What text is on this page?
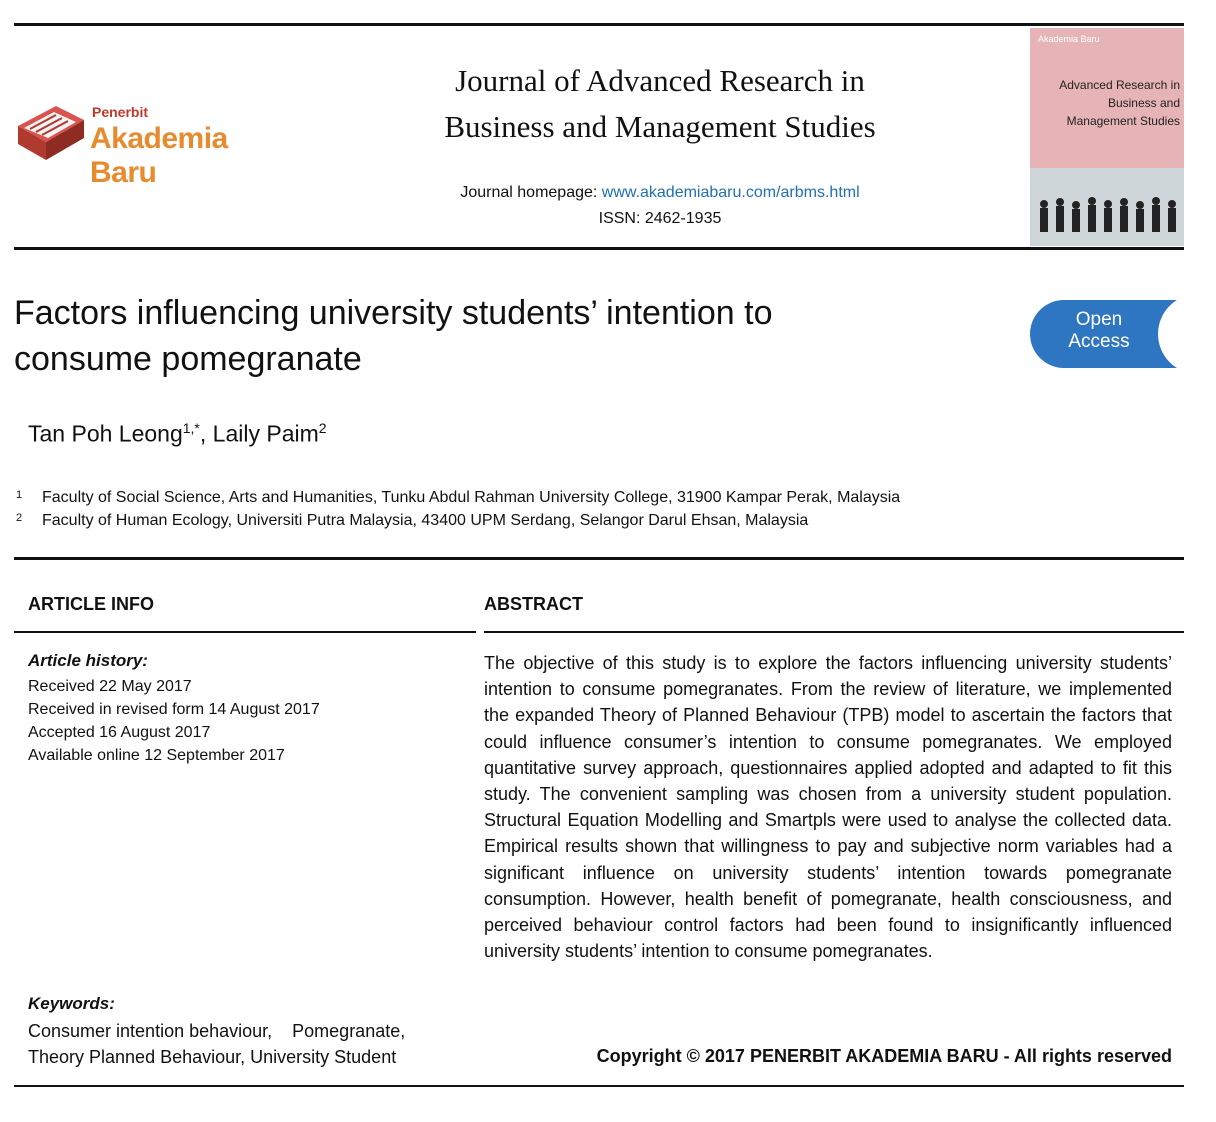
Penerbit
Akademia Baru
Journal of Advanced Research in
Business and Management Studies
Journal homepage: www.akademiabaru.com/arbms.html
ISSN: 2462-1935
Akademia Baru
Advanced Research in
Business and
Management Studies
Factors influencing university students’ intention to
consume pomegranate
Open
Access
Tan Poh Leong$^{1,*}$, Laily Paim$^2$
1 Faculty of Social Science, Arts and Humanities, Tunku Abdul Rahman University College, 31900 Kampar Perak, Malaysia
2 Faculty of Human Ecology, Universiti Putra Malaysia, 43400 UPM Serdang, Selangor Darul Ehsan, Malaysia
ARTICLE INFO	ABSTRACT
Article history:
Received 22 May 2017
Received in revised form 14 August 2017
Accepted 16 August 2017
Available online 12 September 2017
The objective of this study is to explore the factors influencing university students’ intention to consume pomegranates. From the review of literature, we implemented the expanded Theory of Planned Behaviour (TPB) model to ascertain the factors that could influence consumer’s intention to consume pomegranates. We employed quantitative survey approach, questionnaires applied adopted and adapted to fit this study. The convenient sampling was chosen from a university student population. Structural Equation Modelling and Smartpls were used to analyse the collected data. Empirical results shown that willingness to pay and subjective norm variables had a significant influence on university students’ intention towards pomegranate consumption. However, health benefit of pomegranate, health consciousness, and perceived behaviour control factors had been found to insignificantly influenced university students’ intention to consume pomegranates.
Keywords:
Consumer intention behaviour,    Pomegranate,
Theory Planned Behaviour, University Student	Copyright © 2017 PENERBIT AKADEMIA BARU - All rights reserved
